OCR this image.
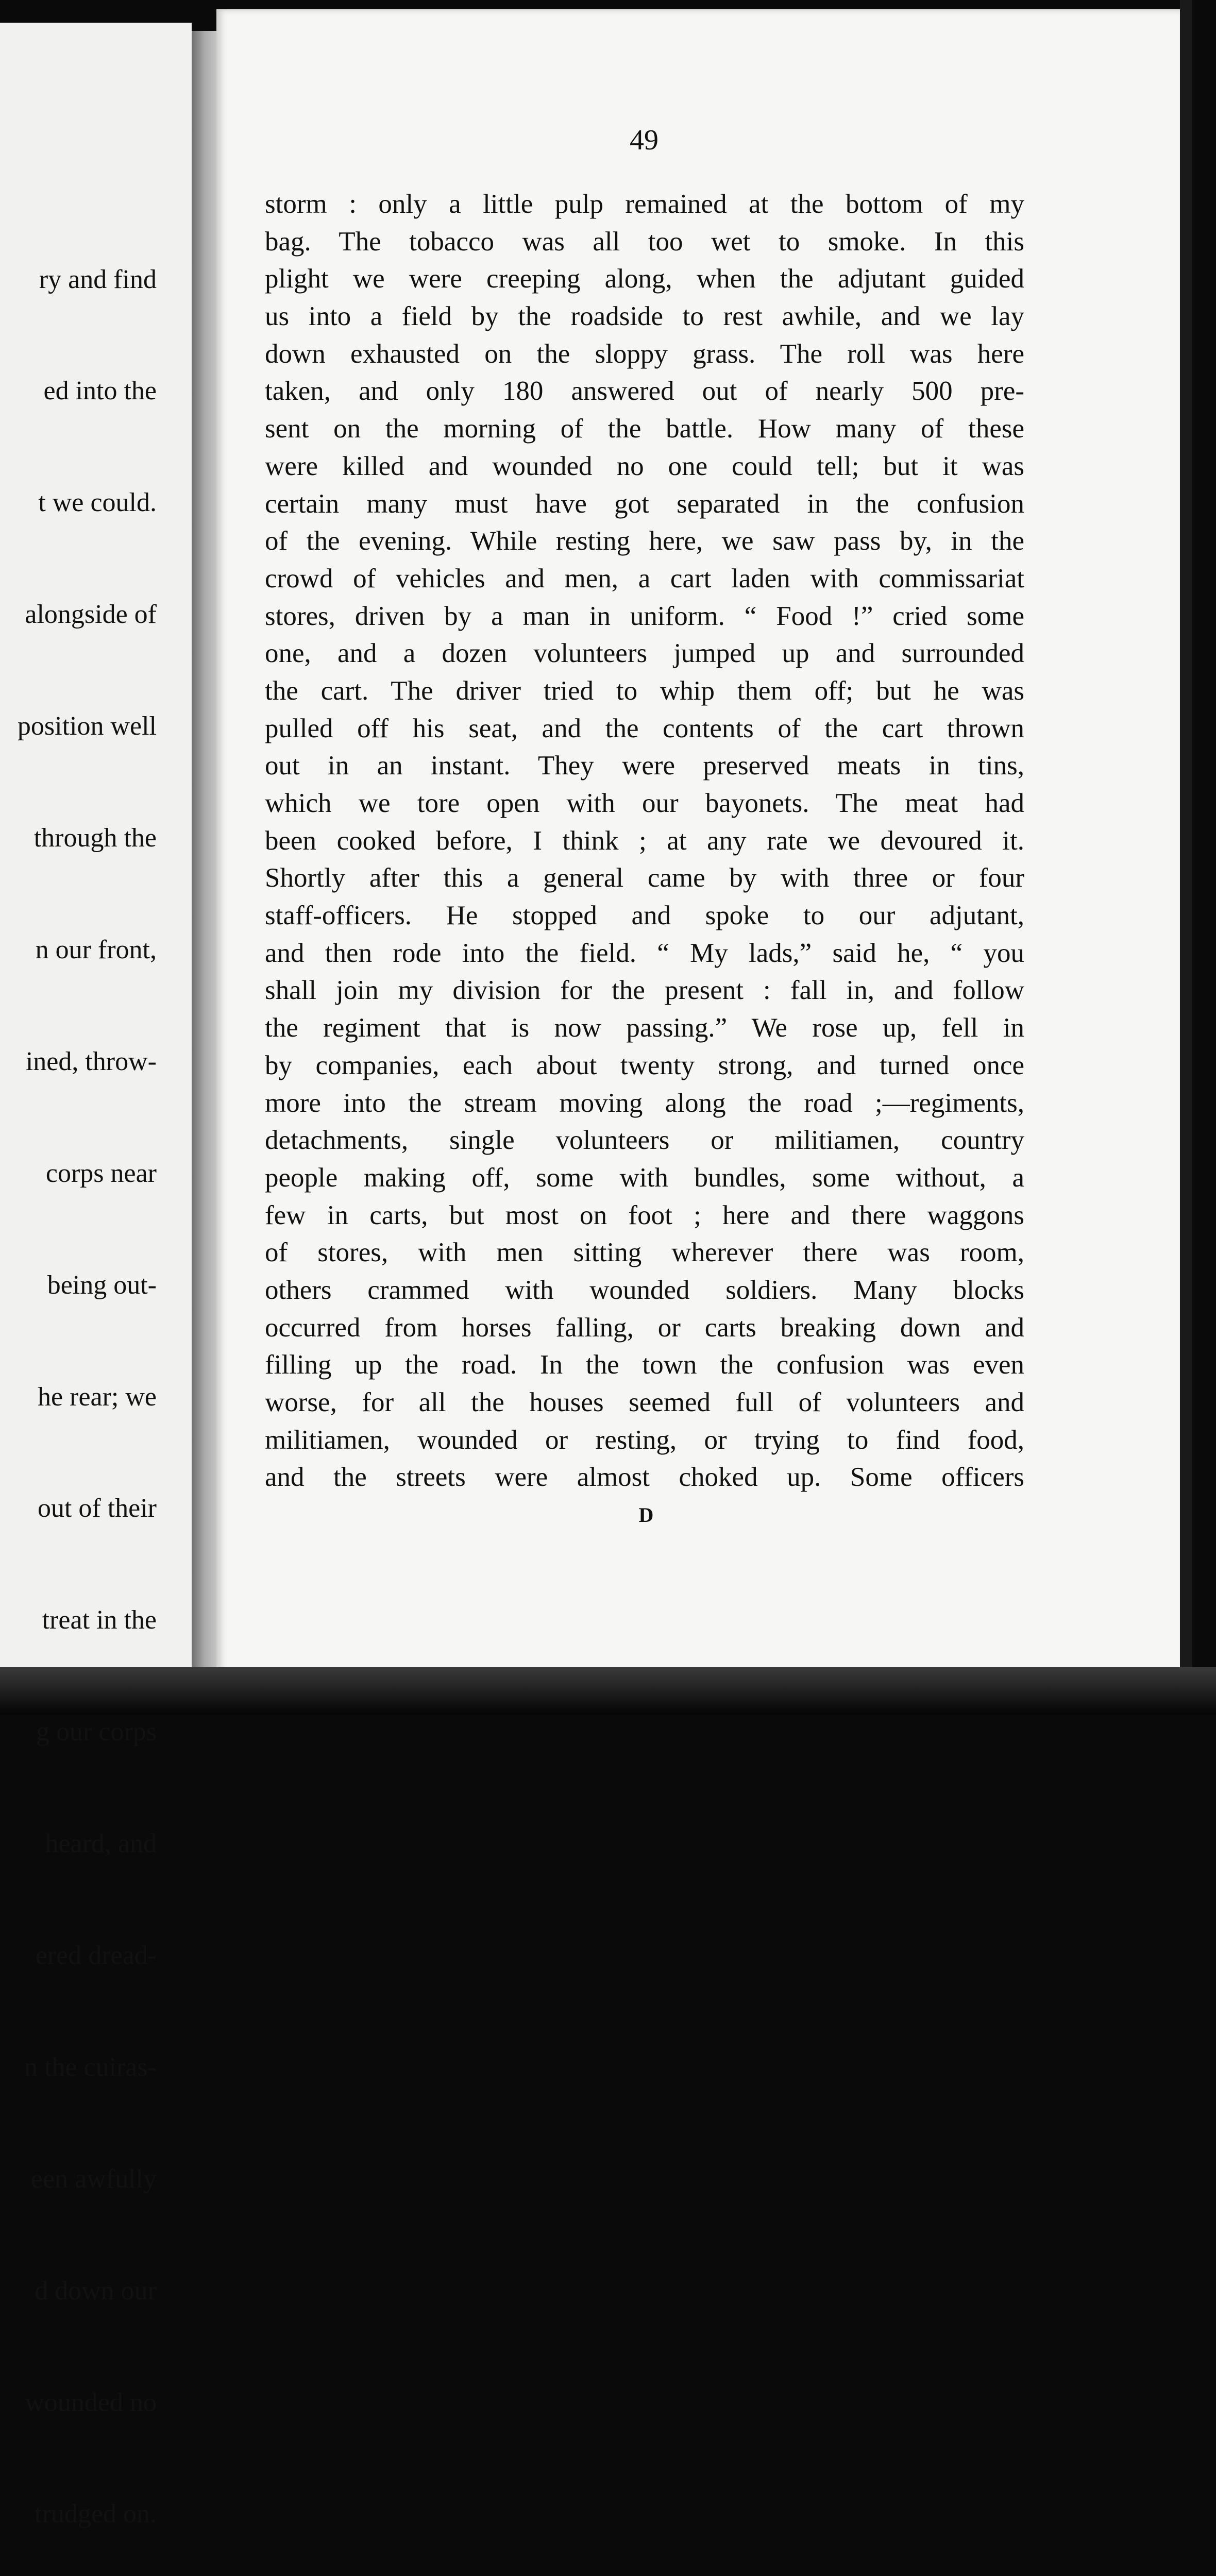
ry and find

ed into the

t we could.

alongside of

position well

through the

n our front,

ined, throw-

corps near

being out-

he rear; we

out of their

treat in the

g our corps

heard, and

ered dread-

n the cuiras-

een awfully

d down our

wounded no

trudged on.

49
storm : only a little pulp remained at the bottom of my
bag. The tobacco was all too wet to smoke. In this
plight we were creeping along, when the adjutant guided
us into a field by the roadside to rest awhile, and we lay
down exhausted on the sloppy grass. The roll was here
taken, and only 180 answered out of nearly 500 pre-
sent on the morning of the battle. How many of these
were killed and wounded no one could tell; but it was
certain many must have got separated in the confusion
of the evening. While resting here, we saw pass by, in the
crowd of vehicles and men, a cart laden with commissariat
stores, driven by a man in uniform. “ Food !” cried some
one, and a dozen volunteers jumped up and surrounded
the cart. The driver tried to whip them off; but he was
pulled off his seat, and the contents of the cart thrown
out in an instant. They were preserved meats in tins,
which we tore open with our bayonets. The meat had
been cooked before, I think ; at any rate we devoured it.
Shortly after this a general came by with three or four
staff-officers. He stopped and spoke to our adjutant,
and then rode into the field. “ My lads,” said he, “ you
shall join my division for the present : fall in, and follow
the regiment that is now passing.” We rose up, fell in
by companies, each about twenty strong, and turned once
more into the stream moving along the road ;—regiments,
detachments, single volunteers or militiamen, country
people making off, some with bundles, some without, a
few in carts, but most on foot ; here and there waggons
of stores, with men sitting wherever there was room,
others crammed with wounded soldiers. Many blocks
occurred from horses falling, or carts breaking down and
filling up the road. In the town the confusion was even
worse, for all the houses seemed full of volunteers and
militiamen, wounded or resting, or trying to find food,
and the streets were almost choked up. Some officers
D
